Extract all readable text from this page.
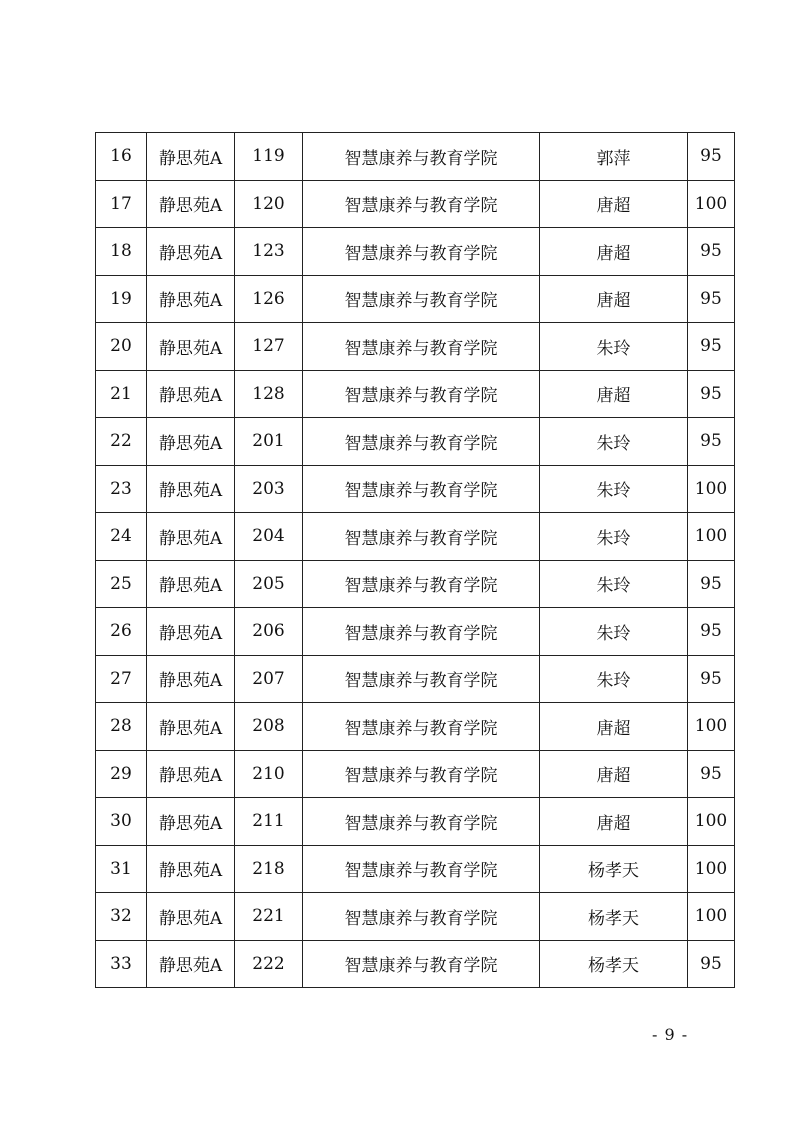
16	静思苑A	119	智慧康养与教育学院	郭萍	95
17	静思苑A	120	智慧康养与教育学院	唐超	100
18	静思苑A	123	智慧康养与教育学院	唐超	95
19	静思苑A	126	智慧康养与教育学院	唐超	95
20	静思苑A	127	智慧康养与教育学院	朱玲	95
21	静思苑A	128	智慧康养与教育学院	唐超	95
22	静思苑A	201	智慧康养与教育学院	朱玲	95
23	静思苑A	203	智慧康养与教育学院	朱玲	100
24	静思苑A	204	智慧康养与教育学院	朱玲	100
25	静思苑A	205	智慧康养与教育学院	朱玲	95
26	静思苑A	206	智慧康养与教育学院	朱玲	95
27	静思苑A	207	智慧康养与教育学院	朱玲	95
28	静思苑A	208	智慧康养与教育学院	唐超	100
29	静思苑A	210	智慧康养与教育学院	唐超	95
30	静思苑A	211	智慧康养与教育学院	唐超	100
31	静思苑A	218	智慧康养与教育学院	杨孝天	100
32	静思苑A	221	智慧康养与教育学院	杨孝天	100
33	静思苑A	222	智慧康养与教育学院	杨孝天	95
- 9 -
